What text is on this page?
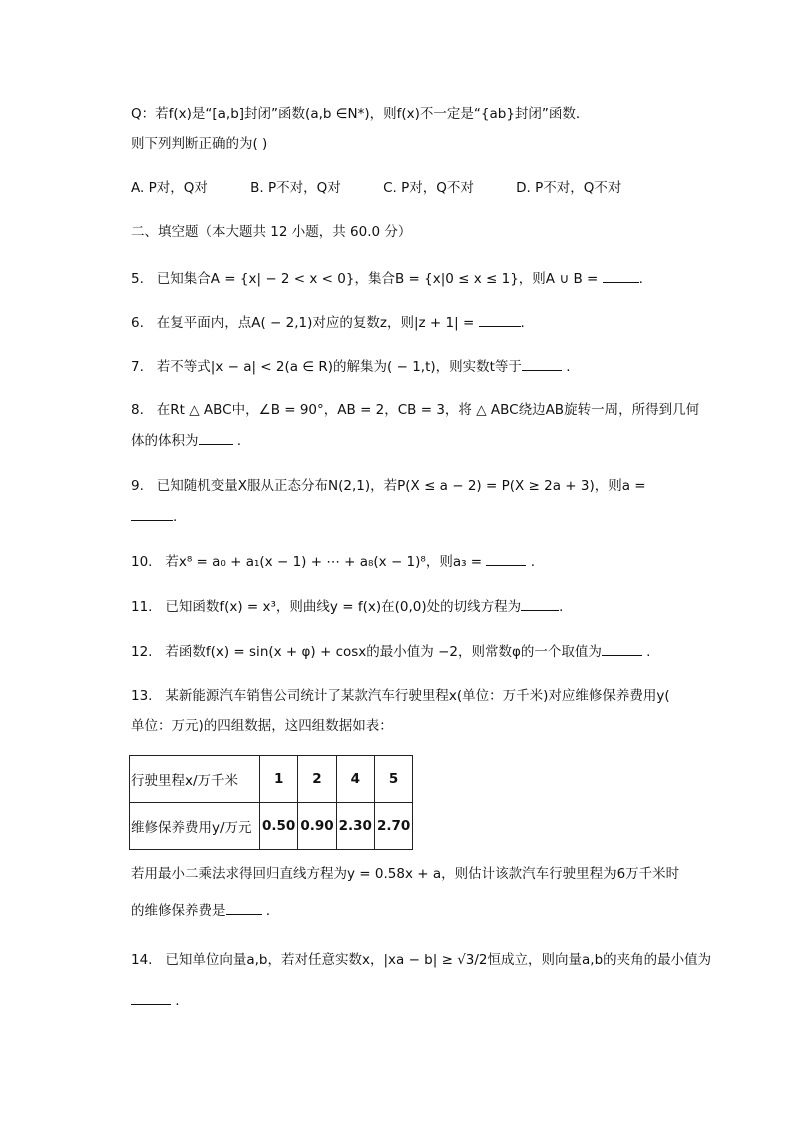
Q：若f(x)是“[a,b]封闭”函数(a,b ∈N*)，则f(x)不一定是“{ab}封闭”函数．
则下列判断正确的为( )
A. P对，Q对	B. P不对，Q对	C. P对，Q不对	D. P不对，Q不对
二、填空题（本大题共 12 小题，共 60.0 分）
5. 已知集合A = {x| − 2 < x < 0}，集合B = {x|0 ≤ x ≤ 1}，则A ∪ B =	.
6. 在复平面内，点A( − 2,1)对应的复数z，则|z + 1| =	.
7. 若不等式|x − a| < 2(a ∈ R)的解集为( − 1,t)，则实数t等于	.
8. 在Rt △ ABC中，∠B = 90°，AB = 2，CB = 3，将 △ ABC绕边AB旋转一周，所得到几何
体的体积为	.
9. 已知随机变量X服从正态分布N(2,1)，若P(X ≤ a − 2) = P(X ≥ 2a + 3)，则a =
.
10. 若x⁸ = a₀ + a₁(x − 1) + ⋯ + a₈(x − 1)⁸，则a₃ =	.
11. 已知函数f(x) = x³，则曲线y = f(x)在(0,0)处的切线方程为	.
12. 若函数f(x) = sin(x + φ) + cosx的最小值为 −2，则常数φ的一个取值为	.
13. 某新能源汽车销售公司统计了某款汽车行驶里程x(单位：万千米)对应维修保养费用y(
单位：万元)的四组数据，这四组数据如表：
行驶里程x/万千米	1	2	4	5
维修保养费用y/万元	0.50	0.90	2.30	2.70
若用最小二乘法求得回归直线方程为y = 0.58x + a，则估计该款汽车行驶里程为6万千米时
的维修保养费是	.
14. 已知单位向量a,b，若对任意实数x，|xa − b| ≥ √3/2恒成立，则向量a,b的夹角的最小值为
.
